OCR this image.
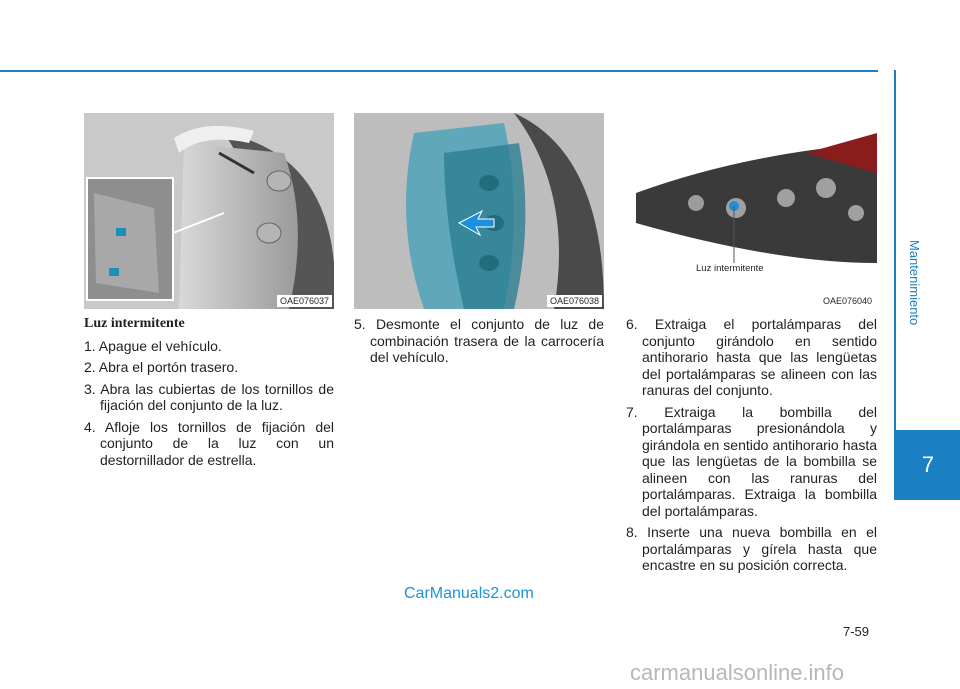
Mantenimiento
7
OAE076037	OAE076038
Luz intermitente
OAE076040
Luz intermitente
1. Apague el vehículo.
2. Abra el portón trasero.
3. Abra las cubiertas de los tornillos de fijación del conjunto de la luz.
4. Afloje los tornillos de fijación del conjunto de la luz con un destornillador de estrella.
5. Desmonte el conjunto de luz de combinación trasera de la carrocería del vehículo.
6. Extraiga el portalámparas del conjunto girándolo en sentido antihorario hasta que las lengüetas del portalámparas se alineen con las ranuras del conjunto.
7. Extraiga la bombilla del portalámparas presionándola y girándola en sentido antihorario hasta que las lengüetas de la bombilla se alineen con las ranuras del portalámparas. Extraiga la bombilla del portalámparas.
8. Inserte una nueva bombilla en el portalámparas y gírela hasta que encastre en su posición correcta.
CarManuals2.com
7-59
carmanualsonline.info
